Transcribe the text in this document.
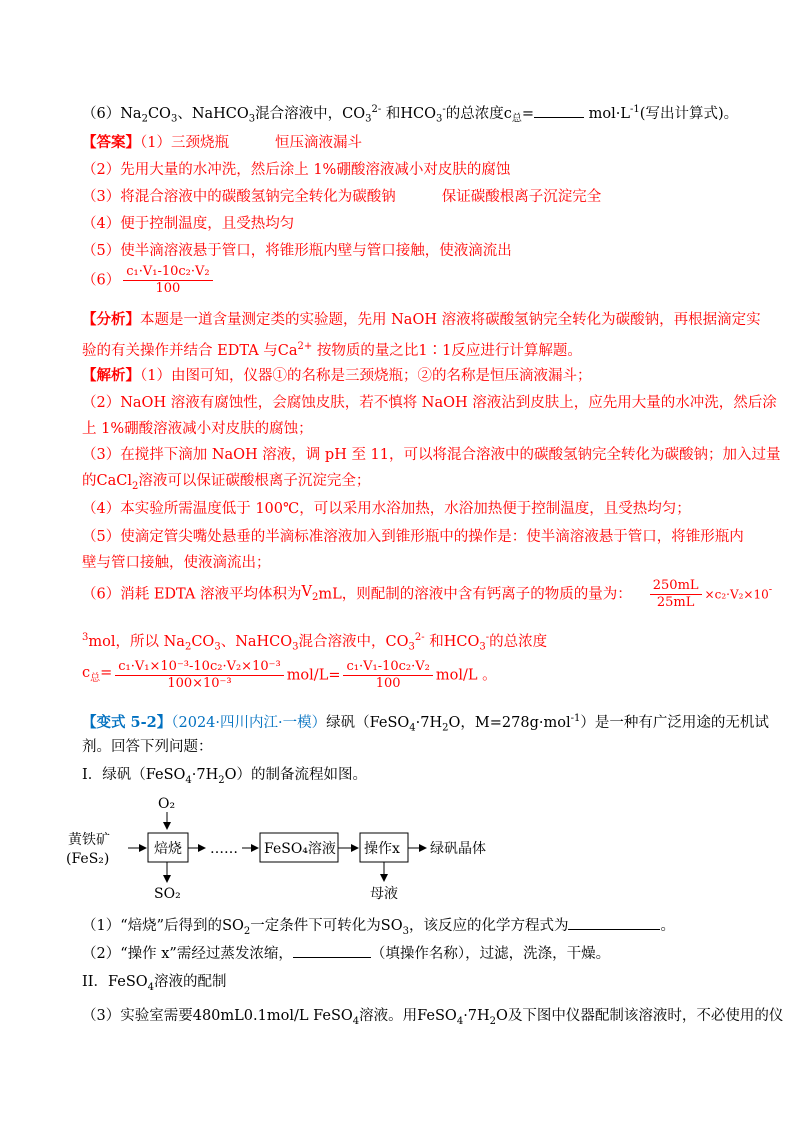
$(6)Na_2CO_3$、NaHCO$_3$混合溶液中，$CO_3^{2-}$ 和$HCO_3^-$的总浓度$c_总=$	$mol\cdot L^{-1}$(写出计算式)。
【答案】（1）三颈烧瓶	恒压滴液漏斗
（2）先用大量的水冲洗，然后涂上 1%硼酸溶液减小对皮肤的腐蚀
（3）将混合溶液中的碳酸氢钠完全转化为碳酸钠	保证碳酸根离子沉淀完全
（4）便于控制温度，且受热均匀
（5）使半滴溶液悬于管口，将锥形瓶内壁与管口接触，使液滴流出
$(6) \frac{\text{c₁·V₁-10c₂·V₂}}{100}$
【分析】本题是一道含量测定类的实验题，先用 NaOH 溶液将碳酸氢钠完全转化为碳酸钠，再根据滴定实
验的有关操作并结合 EDTA 与$Ca^{2+}$ 按物质的量之比1∶1反应进行计算解题。
【解析】（1）由图可知，仪器①的名称是三颈烧瓶；②的名称是恒压滴液漏斗；
（2）NaOH 溶液有腐蚀性，会腐蚀皮肤，若不慎将 NaOH 溶液沾到皮肤上，应先用大量的水冲洗，然后涂
上 1%硼酸溶液减小对皮肤的腐蚀；
（3）在搅拌下滴加 NaOH 溶液，调 pH 至 11，可以将混合溶液中的碳酸氢钠完全转化为碳酸钠；加入过量
的CaCl$_2$溶液可以保证碳酸根离子沉淀完全；
（4）本实验所需温度低于 100℃，可以采用水浴加热，水浴加热便于控制温度，且受热均匀；
（5）使滴定管尖嘴处悬垂的半滴标准溶液加入到锥形瓶中的操作是：使半滴溶液悬于管口，将锥形瓶内
壁与管口接触，使液滴流出；
（6）消耗 EDTA 溶液平均体积为$V_2mL$，则配制的溶液中含有钙离子的物质的量为： $\frac{250mL}{25mL} \times c_2\cdot V_2\times 10^-$
$^3$mol，所以 $Na_2CO_3$、NaHCO$_3$混合溶液中，$CO_3^{2-}$ 和$HCO_3^-$的总浓度
$c_总= \frac{\text{c₁·V₁×10⁻³-10c₂·V₂×10⁻³}}{\text{100×10⁻³}} mol/L= \frac{\text{c₁·V₁-10c₂·V₂}}{100} mol/L$ 。
【变式 5-2】（2024·四川内江·一模）绿矾（$FeSO_4\cdot 7H_2O$，M=278g·mol$^{-1}$）是一种有广泛用途的无机试
剂。回答下列问题：
I．绿矾$(FeSO_4\cdot 7H_2O)$的制备流程如图。
O₂
黄铁矿
(FeS₂)
焙烧
SO₂
…… FeSO₄溶液 操作x
母液
绿矾晶体
（1）“焙烧”后得到的$SO_2$一定条件下可转化为$SO_3$，该反应的化学方程式为	。
（2）“操作 x”需经过蒸发浓缩，	（填操作名称），过滤，洗涤，干燥。
II．FeSO$_4$溶液的配制
（3）实验室需要480mL0.1mol/L FeSO$_4$溶液。用$FeSO_4\cdot 7H_2O$及下图中仪器配制该溶液时，不必使用的仪
